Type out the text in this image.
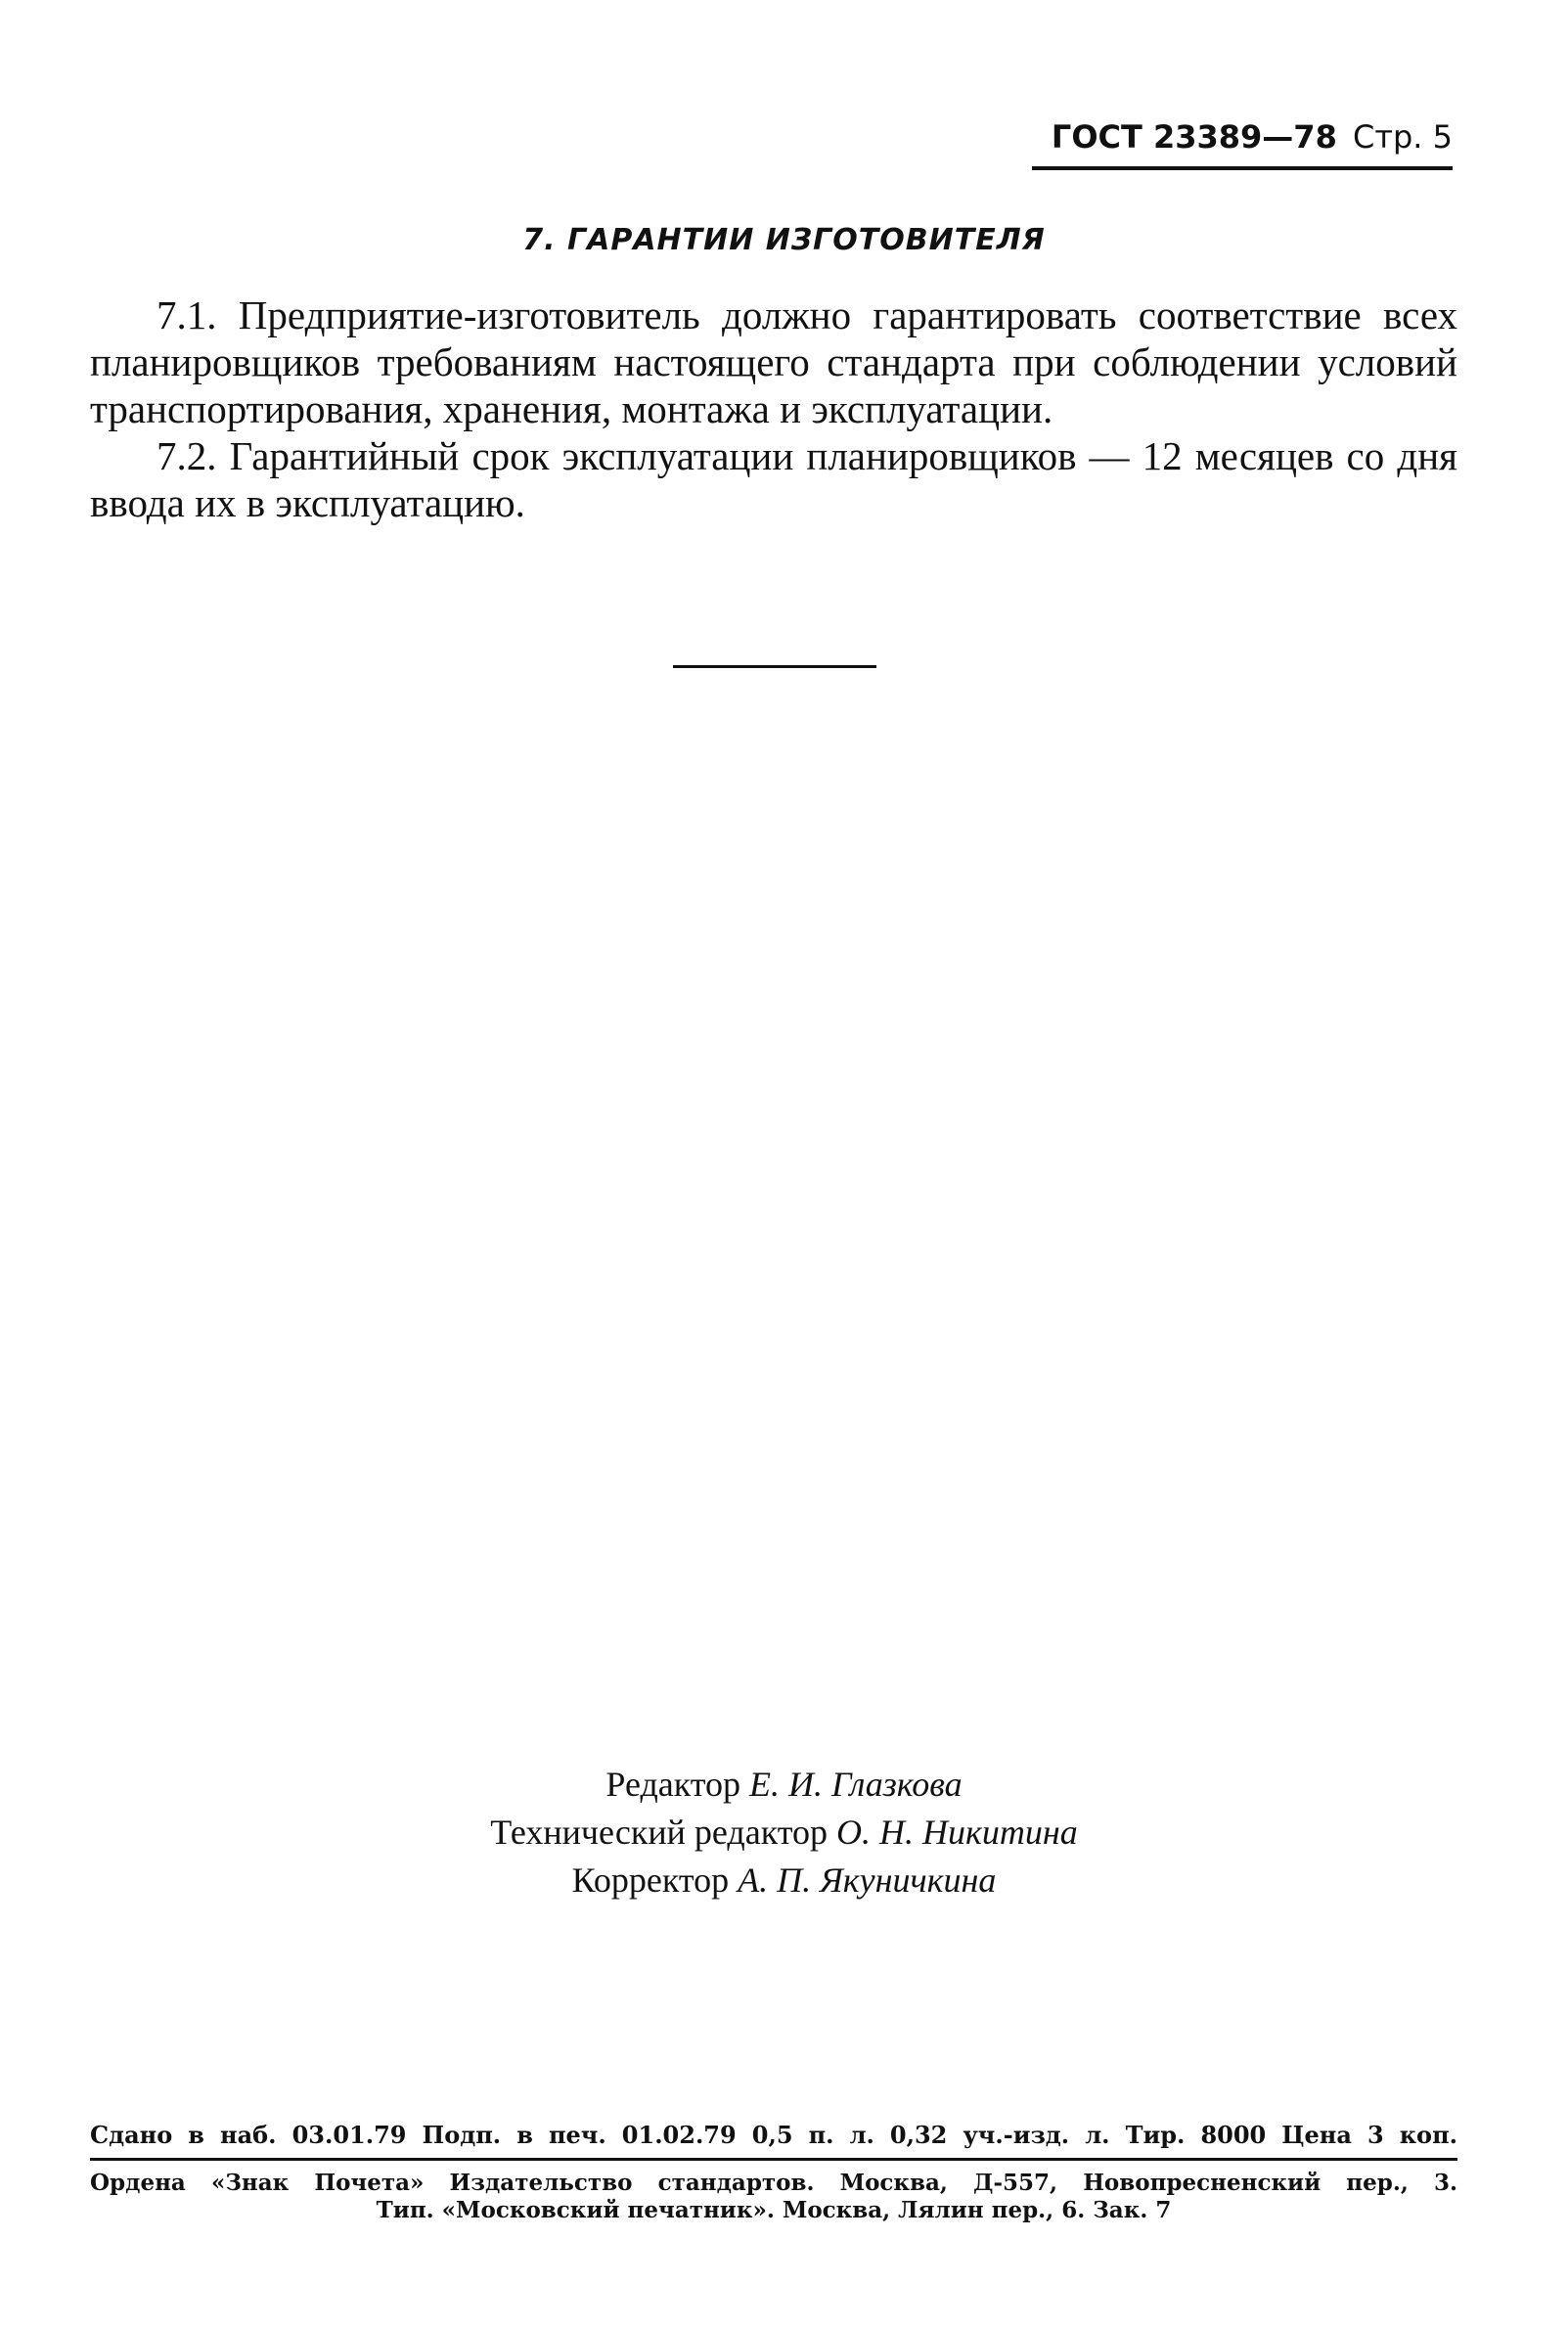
ГОСТ 23389—78 Стр. 5
7. ГАРАНТИИ ИЗГОТОВИТЕЛЯ

7.1. Предприятие-изготовитель должно гарантировать соответствие всех планировщиков требованиям настоящего стандарта при соблюдении условий транспортирования, хранения, монтажа и эксплуатации.

7.2. Гарантийный срок эксплуатации планировщиков — 12 месяцев со дня ввода их в эксплуатацию.

Редактор Е. И. Глазкова
Технический редактор О. Н. Никитина
Корректор А. П. Якуничкина
Сдано в наб. 03.01.79 Подп. в печ. 01.02.79 0,5 п. л. 0,32 уч.-изд. л. Тир. 8000 Цена 3 коп.
Ордена «Знак Почета» Издательство стандартов. Москва, Д-557, Новопресненский пер., 3.
Тип. «Московский печатник». Москва, Лялин пер., 6. Зак. 7
